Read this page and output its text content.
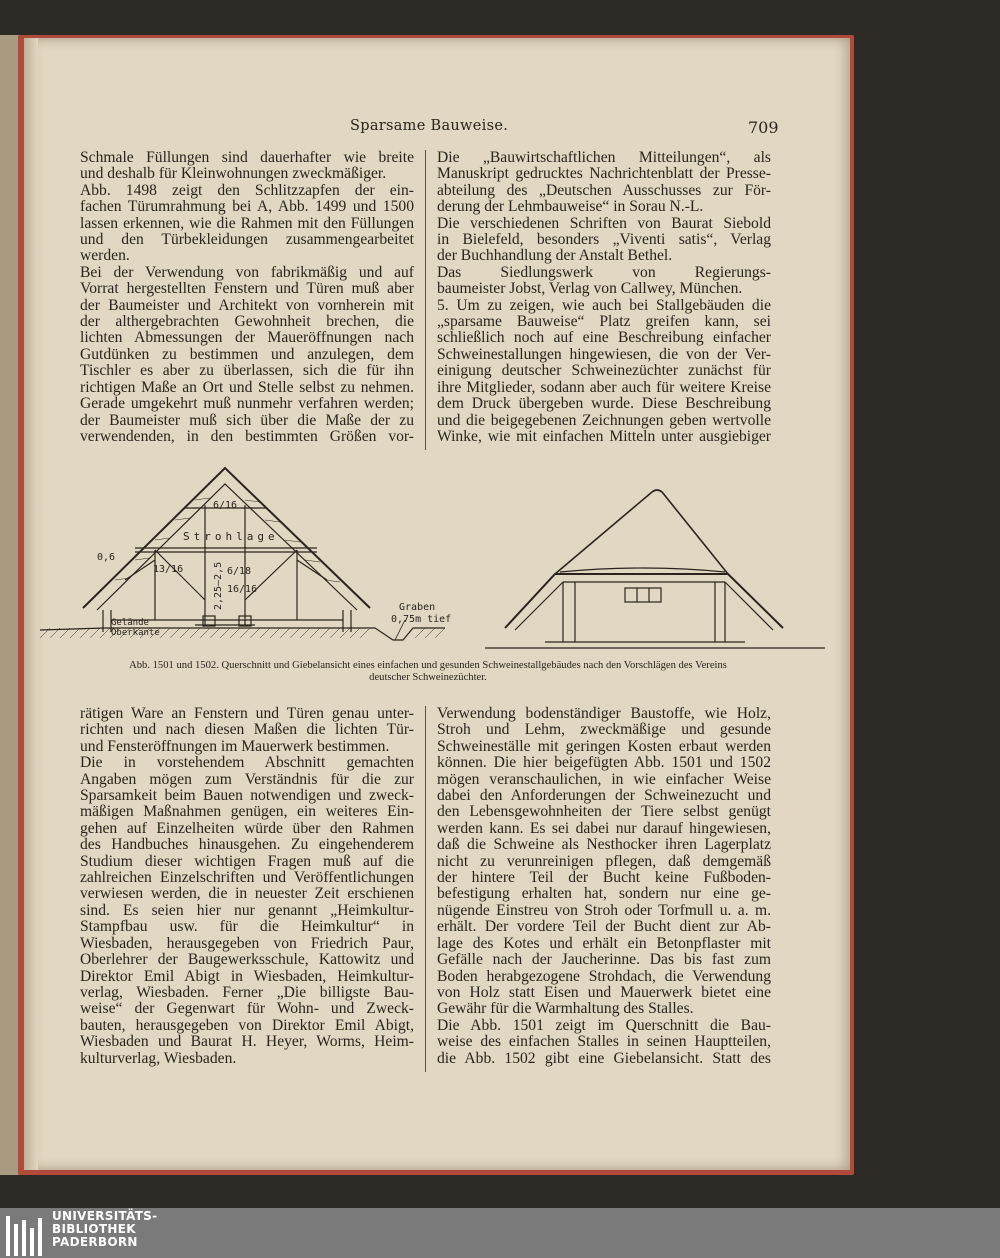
Sparsame Bauweise.	709
Schmale Füllungen sind dauerhafter wie breite
und deshalb für Kleinwohnungen zweckmäßiger.
Abb. 1498 zeigt den Schlitzzapfen der ein-
fachen Türumrahmung bei A, Abb. 1499 und 1500
lassen erkennen, wie die Rahmen mit den Füllungen
und den Türbekleidungen zusammengearbeitet
werden.
Bei der Verwendung von fabrikmäßig und auf
Vorrat hergestellten Fenstern und Türen muß aber
der Baumeister und Architekt von vornherein mit
der althergebrachten Gewohnheit brechen, die
lichten Abmessungen der Maueröffnungen nach
Gutdünken zu bestimmen und anzulegen, dem
Tischler es aber zu überlassen, sich die für ihn
richtigen Maße an Ort und Stelle selbst zu nehmen.
Gerade umgekehrt muß nunmehr verfahren werden;
der Baumeister muß sich über die Maße der zu
verwendenden, in den bestimmten Größen vor-
Die „Bauwirtschaftlichen Mitteilungen“, als
Manuskript gedrucktes Nachrichtenblatt der Presse-
abteilung des „Deutschen Ausschusses zur För-
derung der Lehmbauweise“ in Sorau N.-L.
Die verschiedenen Schriften von Baurat Siebold
in Bielefeld, besonders „Viventi satis“, Verlag
der Buchhandlung der Anstalt Bethel.
Das Siedlungswerk von Regierungs-
baumeister Jobst, Verlag von Callwey, München.
5. Um zu zeigen, wie auch bei Stallgebäuden die
„sparsame Bauweise“ Platz greifen kann, sei
schließlich noch auf eine Beschreibung einfacher
Schweinestallungen hingewiesen, die von der Ver-
einigung deutscher Schweinezüchter zunächst für
ihre Mitglieder, sodann aber auch für weitere Kreise
dem Druck übergeben wurde. Diese Beschreibung
und die beigegebenen Zeichnungen geben wertvolle
Winke, wie mit einfachen Mitteln unter ausgiebiger
6/16
Strohlage
0,6
13/16	6/18
2,25–2,5 16/16
Graben
0,75m tief
Gelände
Oberkante
Abb. 1501 und 1502. Querschnitt und Giebelansicht eines einfachen und gesunden Schweinestallgebäudes nach den Vorschlägen des Vereins
deutscher Schweinezüchter.
rätigen Ware an Fenstern und Türen genau unter-
richten und nach diesen Maßen die lichten Tür-
und Fensteröffnungen im Mauerwerk bestimmen.
Die in vorstehendem Abschnitt gemachten
Angaben mögen zum Verständnis für die zur
Sparsamkeit beim Bauen notwendigen und zweck-
mäßigen Maßnahmen genügen, ein weiteres Ein-
gehen auf Einzelheiten würde über den Rahmen
des Handbuches hinausgehen. Zu eingehenderem
Studium dieser wichtigen Fragen muß auf die
zahlreichen Einzelschriften und Veröffentlichungen
verwiesen werden, die in neuester Zeit erschienen
sind. Es seien hier nur genannt „Heimkultur-
Stampfbau usw. für die Heimkultur“ in
Wiesbaden, herausgegeben von Friedrich Paur,
Oberlehrer der Baugewerksschule, Kattowitz und
Direktor Emil Abigt in Wiesbaden, Heimkultur-
verlag, Wiesbaden. Ferner „Die billigste Bau-
weise“ der Gegenwart für Wohn- und Zweck-
bauten, herausgegeben von Direktor Emil Abigt,
Wiesbaden und Baurat H. Heyer, Worms, Heim-
kulturverlag, Wiesbaden.
Verwendung bodenständiger Baustoffe, wie Holz,
Stroh und Lehm, zweckmäßige und gesunde
Schweineställe mit geringen Kosten erbaut werden
können. Die hier beigefügten Abb. 1501 und 1502
mögen veranschaulichen, in wie einfacher Weise
dabei den Anforderungen der Schweinezucht und
den Lebensgewohnheiten der Tiere selbst genügt
werden kann. Es sei dabei nur darauf hingewiesen,
daß die Schweine als Nesthocker ihren Lagerplatz
nicht zu verunreinigen pflegen, daß demgemäß
der hintere Teil der Bucht keine Fußboden-
befestigung erhalten hat, sondern nur eine ge-
nügende Einstreu von Stroh oder Torfmull u. a. m.
erhält. Der vordere Teil der Bucht dient zur Ab-
lage des Kotes und erhält ein Betonpflaster mit
Gefälle nach der Jaucherinne. Das bis fast zum
Boden herabgezogene Strohdach, die Verwendung
von Holz statt Eisen und Mauerwerk bietet eine
Gewähr für die Warmhaltung des Stalles.
Die Abb. 1501 zeigt im Querschnitt die Bau-
weise des einfachen Stalles in seinen Hauptteilen,
die Abb. 1502 gibt eine Giebelansicht. Statt des
UNIVERSITÄTS-
BIBLIOTHEK
PADERBORN
